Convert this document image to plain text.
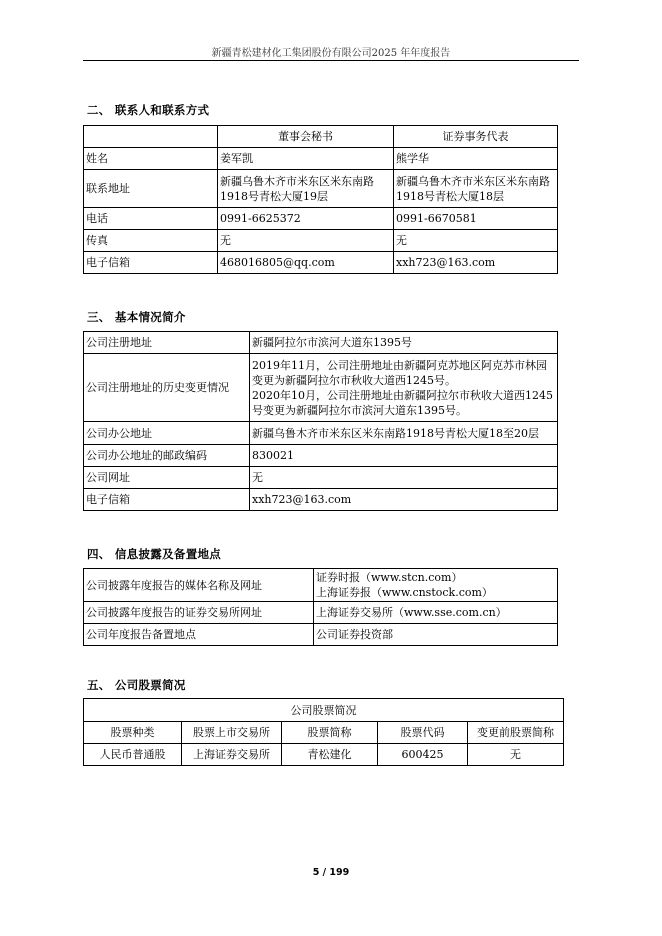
新疆青松建材化工集团股份有限公司2025 年年度报告
二、 联系人和联系方式
	董事会秘书	证券事务代表
姓名	姜军凯	熊学华
联系地址	新疆乌鲁木齐市米东区米东南路1918号青松大厦19层	新疆乌鲁木齐市米东区米东南路1918号青松大厦18层
电话	0991-6625372	0991-6670581
传真	无	无
电子信箱	468016805@qq.com	xxh723@163.com
三、 基本情况简介
公司注册地址	新疆阿拉尔市滨河大道东1395号
公司注册地址的历史变更情况	2019年11月，公司注册地址由新疆阿克苏地区阿克苏市林园变更为新疆阿拉尔市秋收大道西1245号。
2020年10月，公司注册地址由新疆阿拉尔市秋收大道西1245号变更为新疆阿拉尔市滨河大道东1395号。

公司办公地址	新疆乌鲁木齐市米东区米东南路1918号青松大厦18至20层
公司办公地址的邮政编码	830021
公司网址	无
电子信箱	xxh723@163.com
四、 信息披露及备置地点
公司披露年度报告的媒体名称及网址	证券时报（www.stcn.com）
上海证券报（www.cnstock.com）

公司披露年度报告的证券交易所网址	上海证券交易所（www.sse.com.cn）
公司年度报告备置地点	公司证券投资部
五、 公司股票简况
公司股票简况				
股票种类	股票上市交易所	股票简称	股票代码	变更前股票简称
人民币普通股	上海证券交易所	青松建化	600425	无
5 / 199
